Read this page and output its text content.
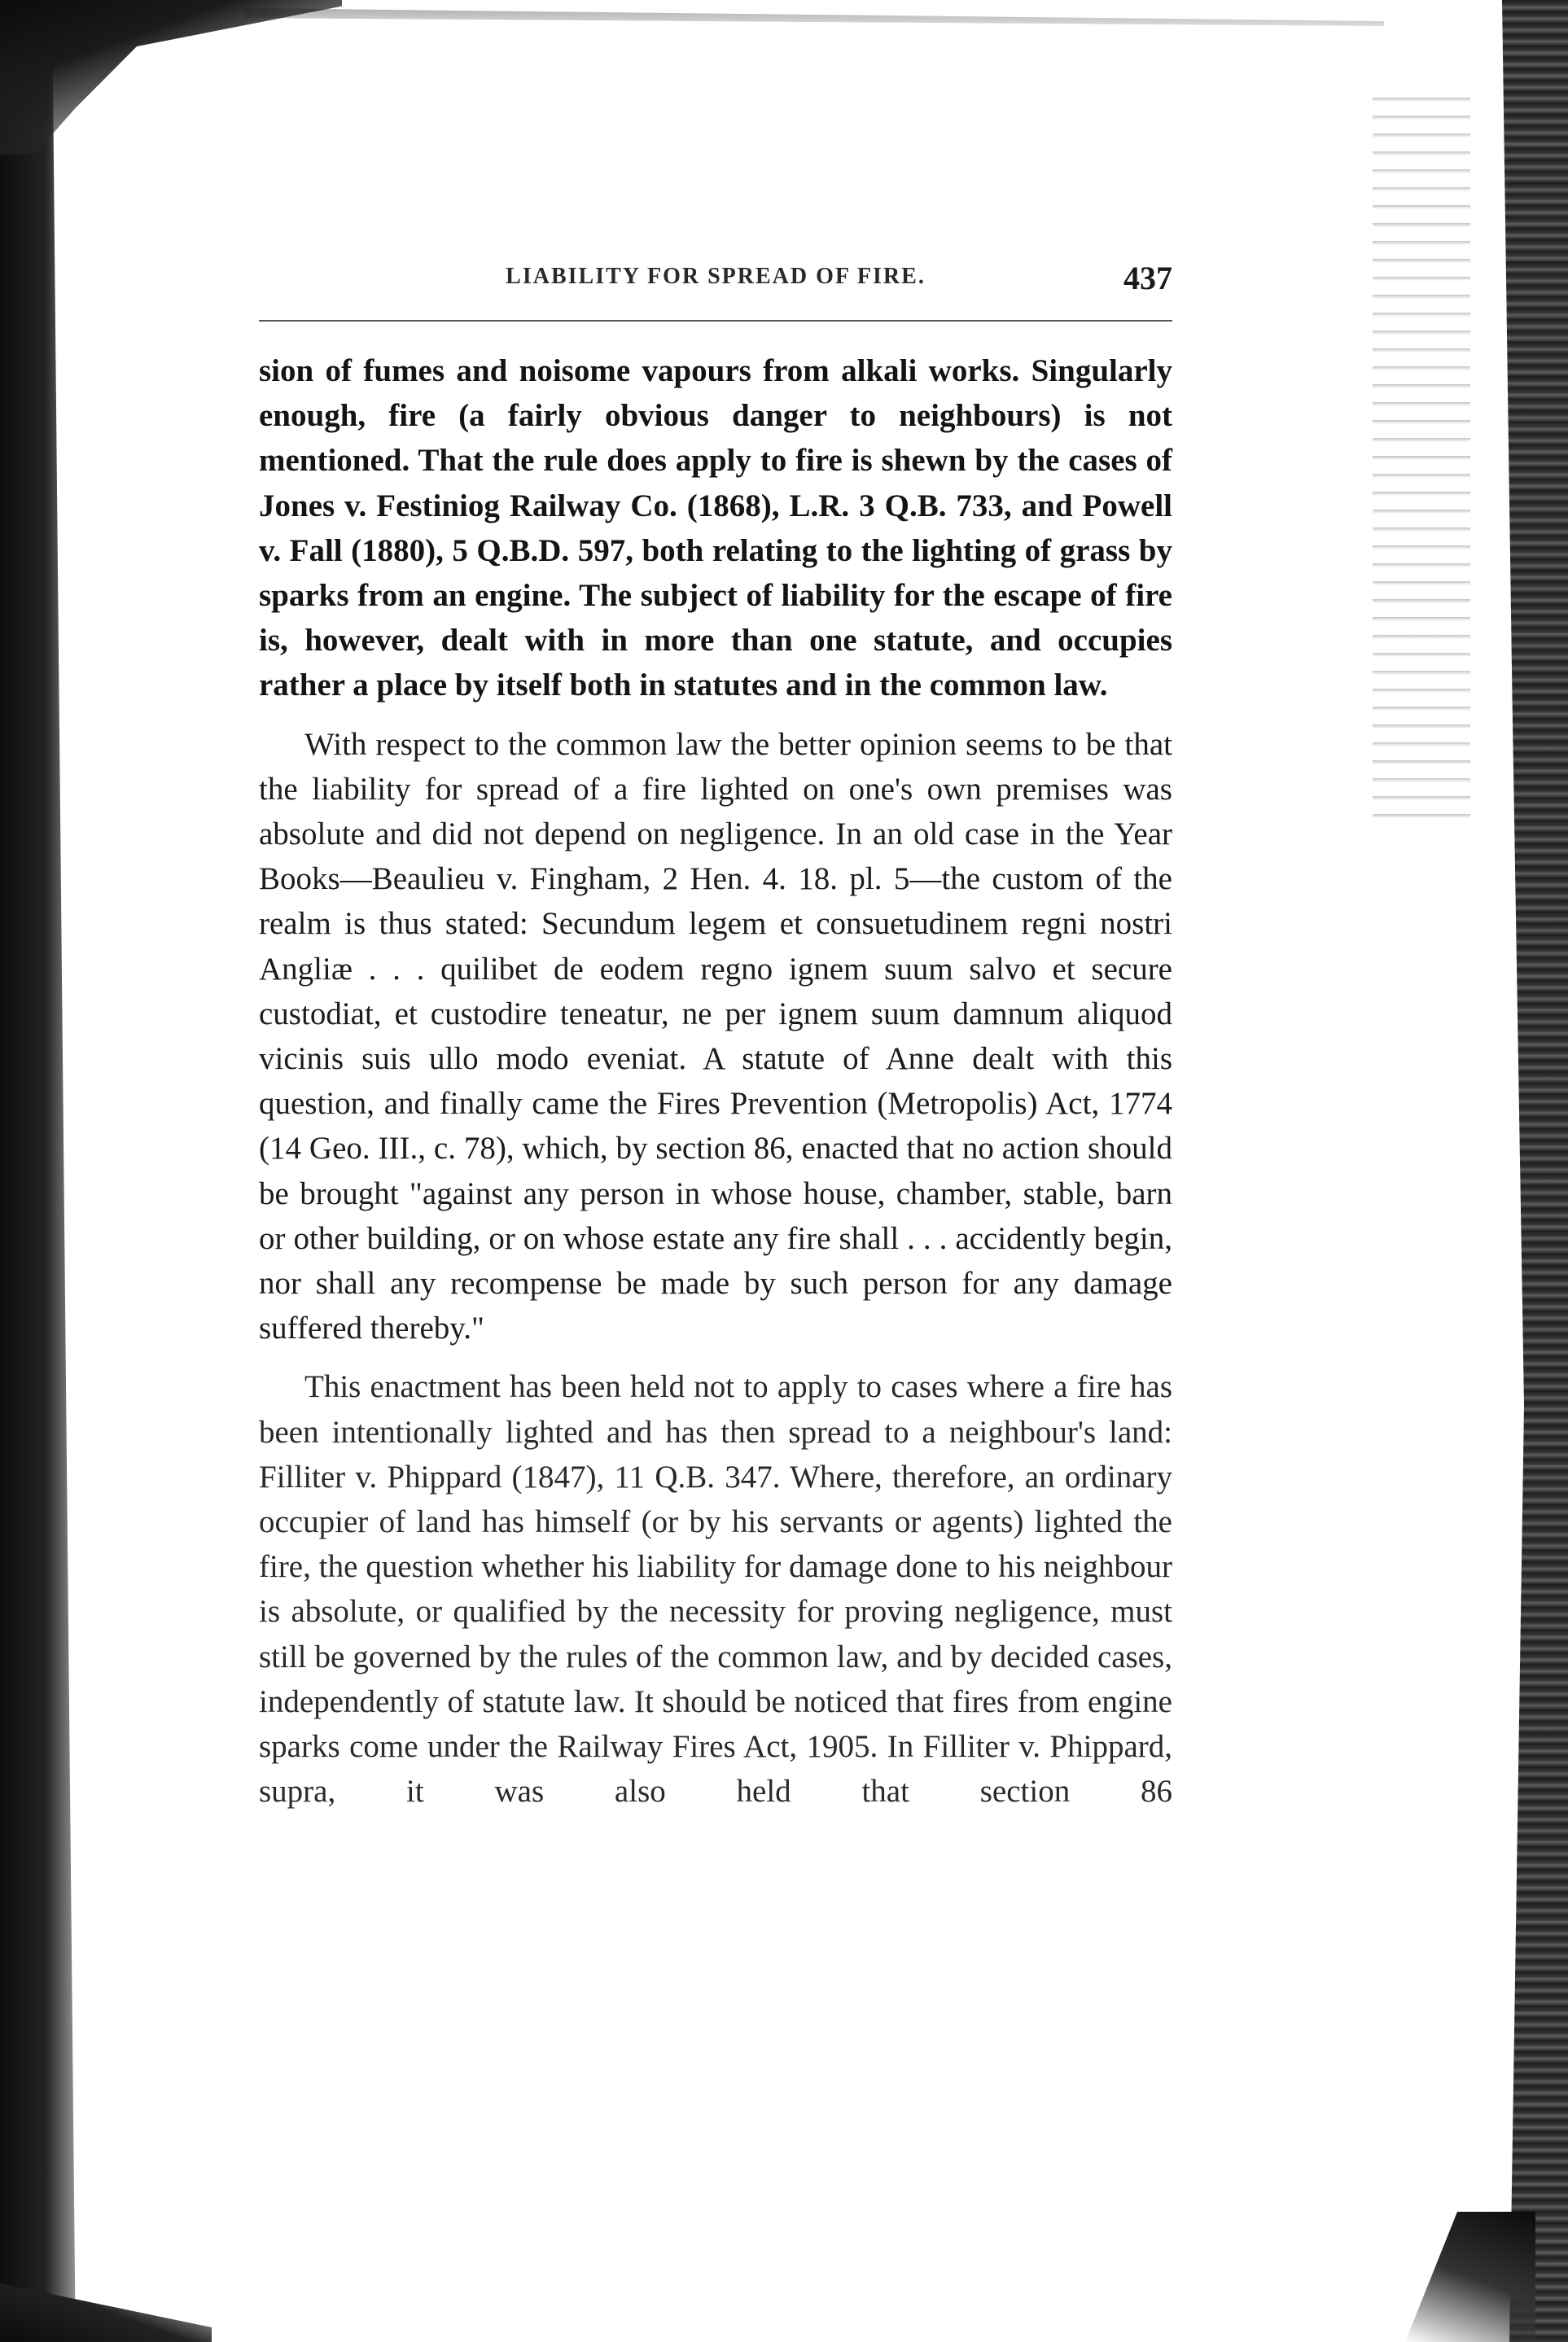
LIABILITY FOR SPREAD OF FIRE.	437

sion of fumes and noisome vapours from alkali works. Singularly enough, fire (a fairly obvious danger to neighbours) is not mentioned. That the rule does apply to fire is shewn by the cases of Jones v. Festiniog Railway Co. (1868), L.R. 3 Q.B. 733, and Powell v. Fall (1880), 5 Q.B.D. 597, both relating to the lighting of grass by sparks from an engine. The subject of liability for the escape of fire is, however, dealt with in more than one statute, and occupies rather a place by itself both in statutes and in the common law.

With respect to the common law the better opinion seems to be that the liability for spread of a fire lighted on one's own premises was absolute and did not depend on negligence. In an old case in the Year Books—Beaulieu v. Fingham, 2 Hen. 4. 18. pl. 5—the custom of the realm is thus stated: Secundum legem et consuetudinem regni nostri Angliæ . . . quilibet de eodem regno ignem suum salvo et secure custodiat, et custodire teneatur, ne per ignem suum damnum aliquod vicinis suis ullo modo eveniat. A statute of Anne dealt with this question, and finally came the Fires Prevention (Metropolis) Act, 1774 (14 Geo. III., c. 78), which, by section 86, enacted that no action should be brought "against any person in whose house, chamber, stable, barn or other building, or on whose estate any fire shall . . . accidently begin, nor shall any recompense be made by such person for any damage suffered thereby."

This enactment has been held not to apply to cases where a fire has been intentionally lighted and has then spread to a neighbour's land: Filliter v. Phippard (1847), 11 Q.B. 347. Where, therefore, an ordinary occupier of land has himself (or by his servants or agents) lighted the fire, the question whether his liability for damage done to his neighbour is absolute, or qualified by the necessity for proving negligence, must still be governed by the rules of the common law, and by decided cases, independently of statute law. It should be noticed that fires from engine sparks come under the Railway Fires Act, 1905. In Filliter v. Phippard, supra, it was also held that section 86
